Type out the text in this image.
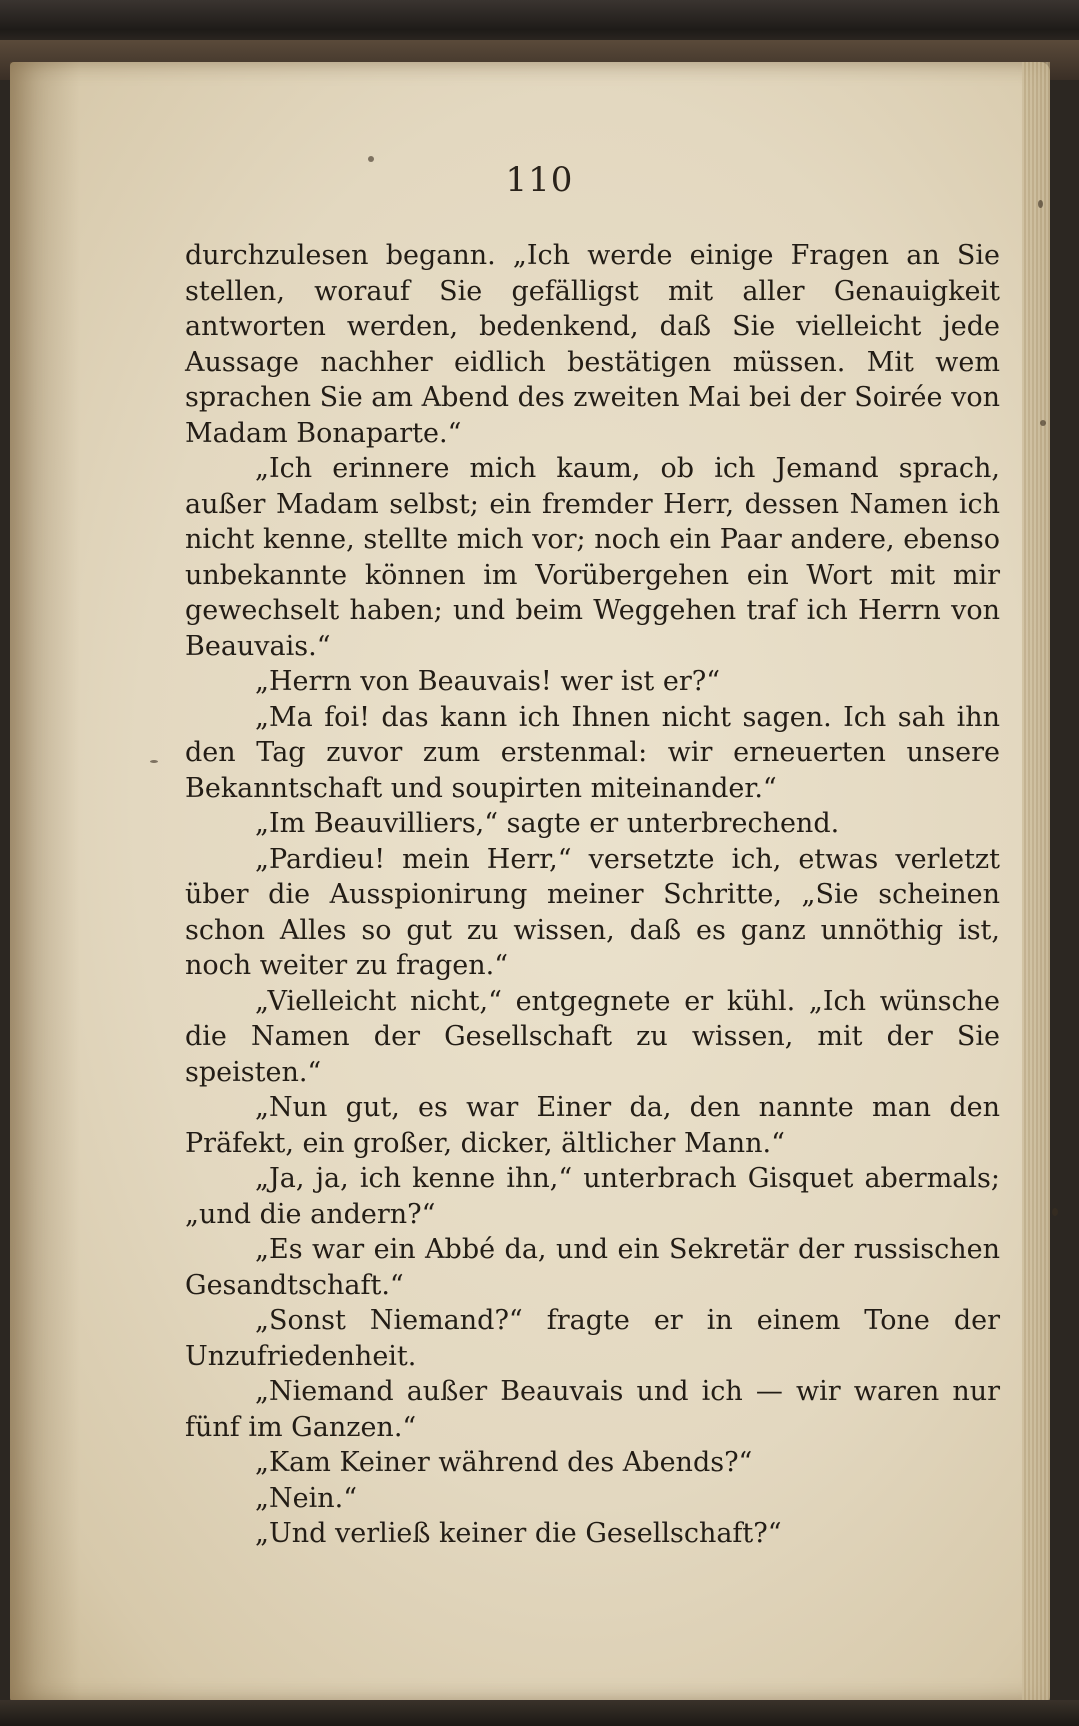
110

durchzulesen begann. „Ich werde einige Fragen an Sie stellen, worauf Sie gefälligst mit aller Genauigkeit antworten werden, bedenkend, daß Sie vielleicht jede Aussage nachher eidlich bestätigen müssen. Mit wem sprachen Sie am Abend des zweiten Mai bei der Soirée von Madam Bonaparte.“

„Ich erinnere mich kaum, ob ich Jemand sprach, außer Madam selbst; ein fremder Herr, dessen Namen ich nicht kenne, stellte mich vor; noch ein Paar andere, ebenso unbekannte können im Vorübergehen ein Wort mit mir gewechselt haben; und beim Weggehen traf ich Herrn von Beauvais.“

„Herrn von Beauvais! wer ist er?“

„Ma foi! das kann ich Ihnen nicht sagen. Ich sah ihn den Tag zuvor zum erstenmal: wir erneuerten unsere Bekanntschaft und soupirten miteinander.“

„Im Beauvilliers,“ sagte er unterbrechend.

„Pardieu! mein Herr,“ versetzte ich, etwas verletzt über die Ausspionirung meiner Schritte, „Sie scheinen schon Alles so gut zu wissen, daß es ganz unnöthig ist, noch weiter zu fragen.“

„Vielleicht nicht,“ entgegnete er kühl. „Ich wünsche die Namen der Gesellschaft zu wissen, mit der Sie speisten.“

„Nun gut, es war Einer da, den nannte man den Präfekt, ein großer, dicker, ältlicher Mann.“

„Ja, ja, ich kenne ihn,“ unterbrach Gisquet abermals; „und die andern?“

„Es war ein Abbé da, und ein Sekretär der russischen Gesandtschaft.“

„Sonst Niemand?“ fragte er in einem Tone der Unzufriedenheit.

„Niemand außer Beauvais und ich — wir waren nur fünf im Ganzen.“

„Kam Keiner während des Abends?“

„Nein.“

„Und verließ keiner die Gesellschaft?“
